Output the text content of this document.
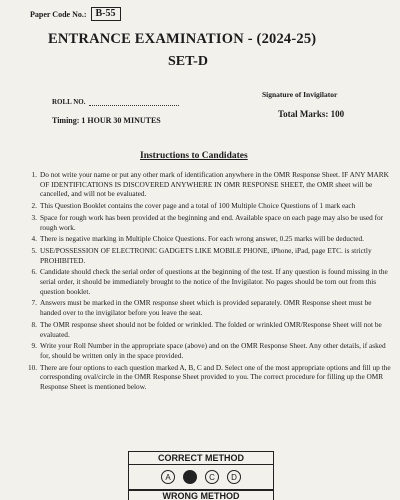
Paper Code No.: B-55
ENTRANCE EXAMINATION - (2024-25)
SET-D
ROLL NO.
Signature of Invigilator
Timing: 1 HOUR 30 MINUTES
Total Marks: 100
Instructions to Candidates
1. Do not write your name or put any other mark of identification anywhere in the OMR Response Sheet. IF ANY MARK OF IDENTIFICATIONS IS DISCOVERED ANYWHERE IN OMR RESPONSE SHEET, the OMR sheet will be cancelled, and will not be evaluated.
2. This Question Booklet contains the cover page and a total of 100 Multiple Choice Questions of 1 mark each
3. Space for rough work has been provided at the beginning and end. Available space on each page may also be used for rough work.
4. There is negative marking in Multiple Choice Questions. For each wrong answer, 0.25 marks will be deducted.
5. USE/POSSESSION OF ELECTRONIC GADGETS LIKE MOBILE PHONE, iPhone, iPad, page ETC. is strictly PROHIBITED.
6. Candidate should check the serial order of questions at the beginning of the test. If any question is found missing in the serial order, it should be immediately brought to the notice of the Invigilator. No pages should be torn out from this question booklet.
7. Answers must be marked in the OMR response sheet which is provided separately. OMR Response sheet must be handed over to the invigilator before you leave the seat.
8. The OMR response sheet should not be folded or wrinkled. The folded or wrinkled OMR/Response Sheet will not be evaluated.
9. Write your Roll Number in the appropriate space (above) and on the OMR Response Sheet. Any other details, if asked for, should be written only in the space provided.
10. There are four options to each question marked A, B, C and D. Select one of the most appropriate options and fill up the corresponding oval/circle in the OMR Response Sheet provided to you. The correct procedure for filling up the OMR Response Sheet is mentioned below.
CORRECT METHOD
A	B	C	D
WRONG METHOD
